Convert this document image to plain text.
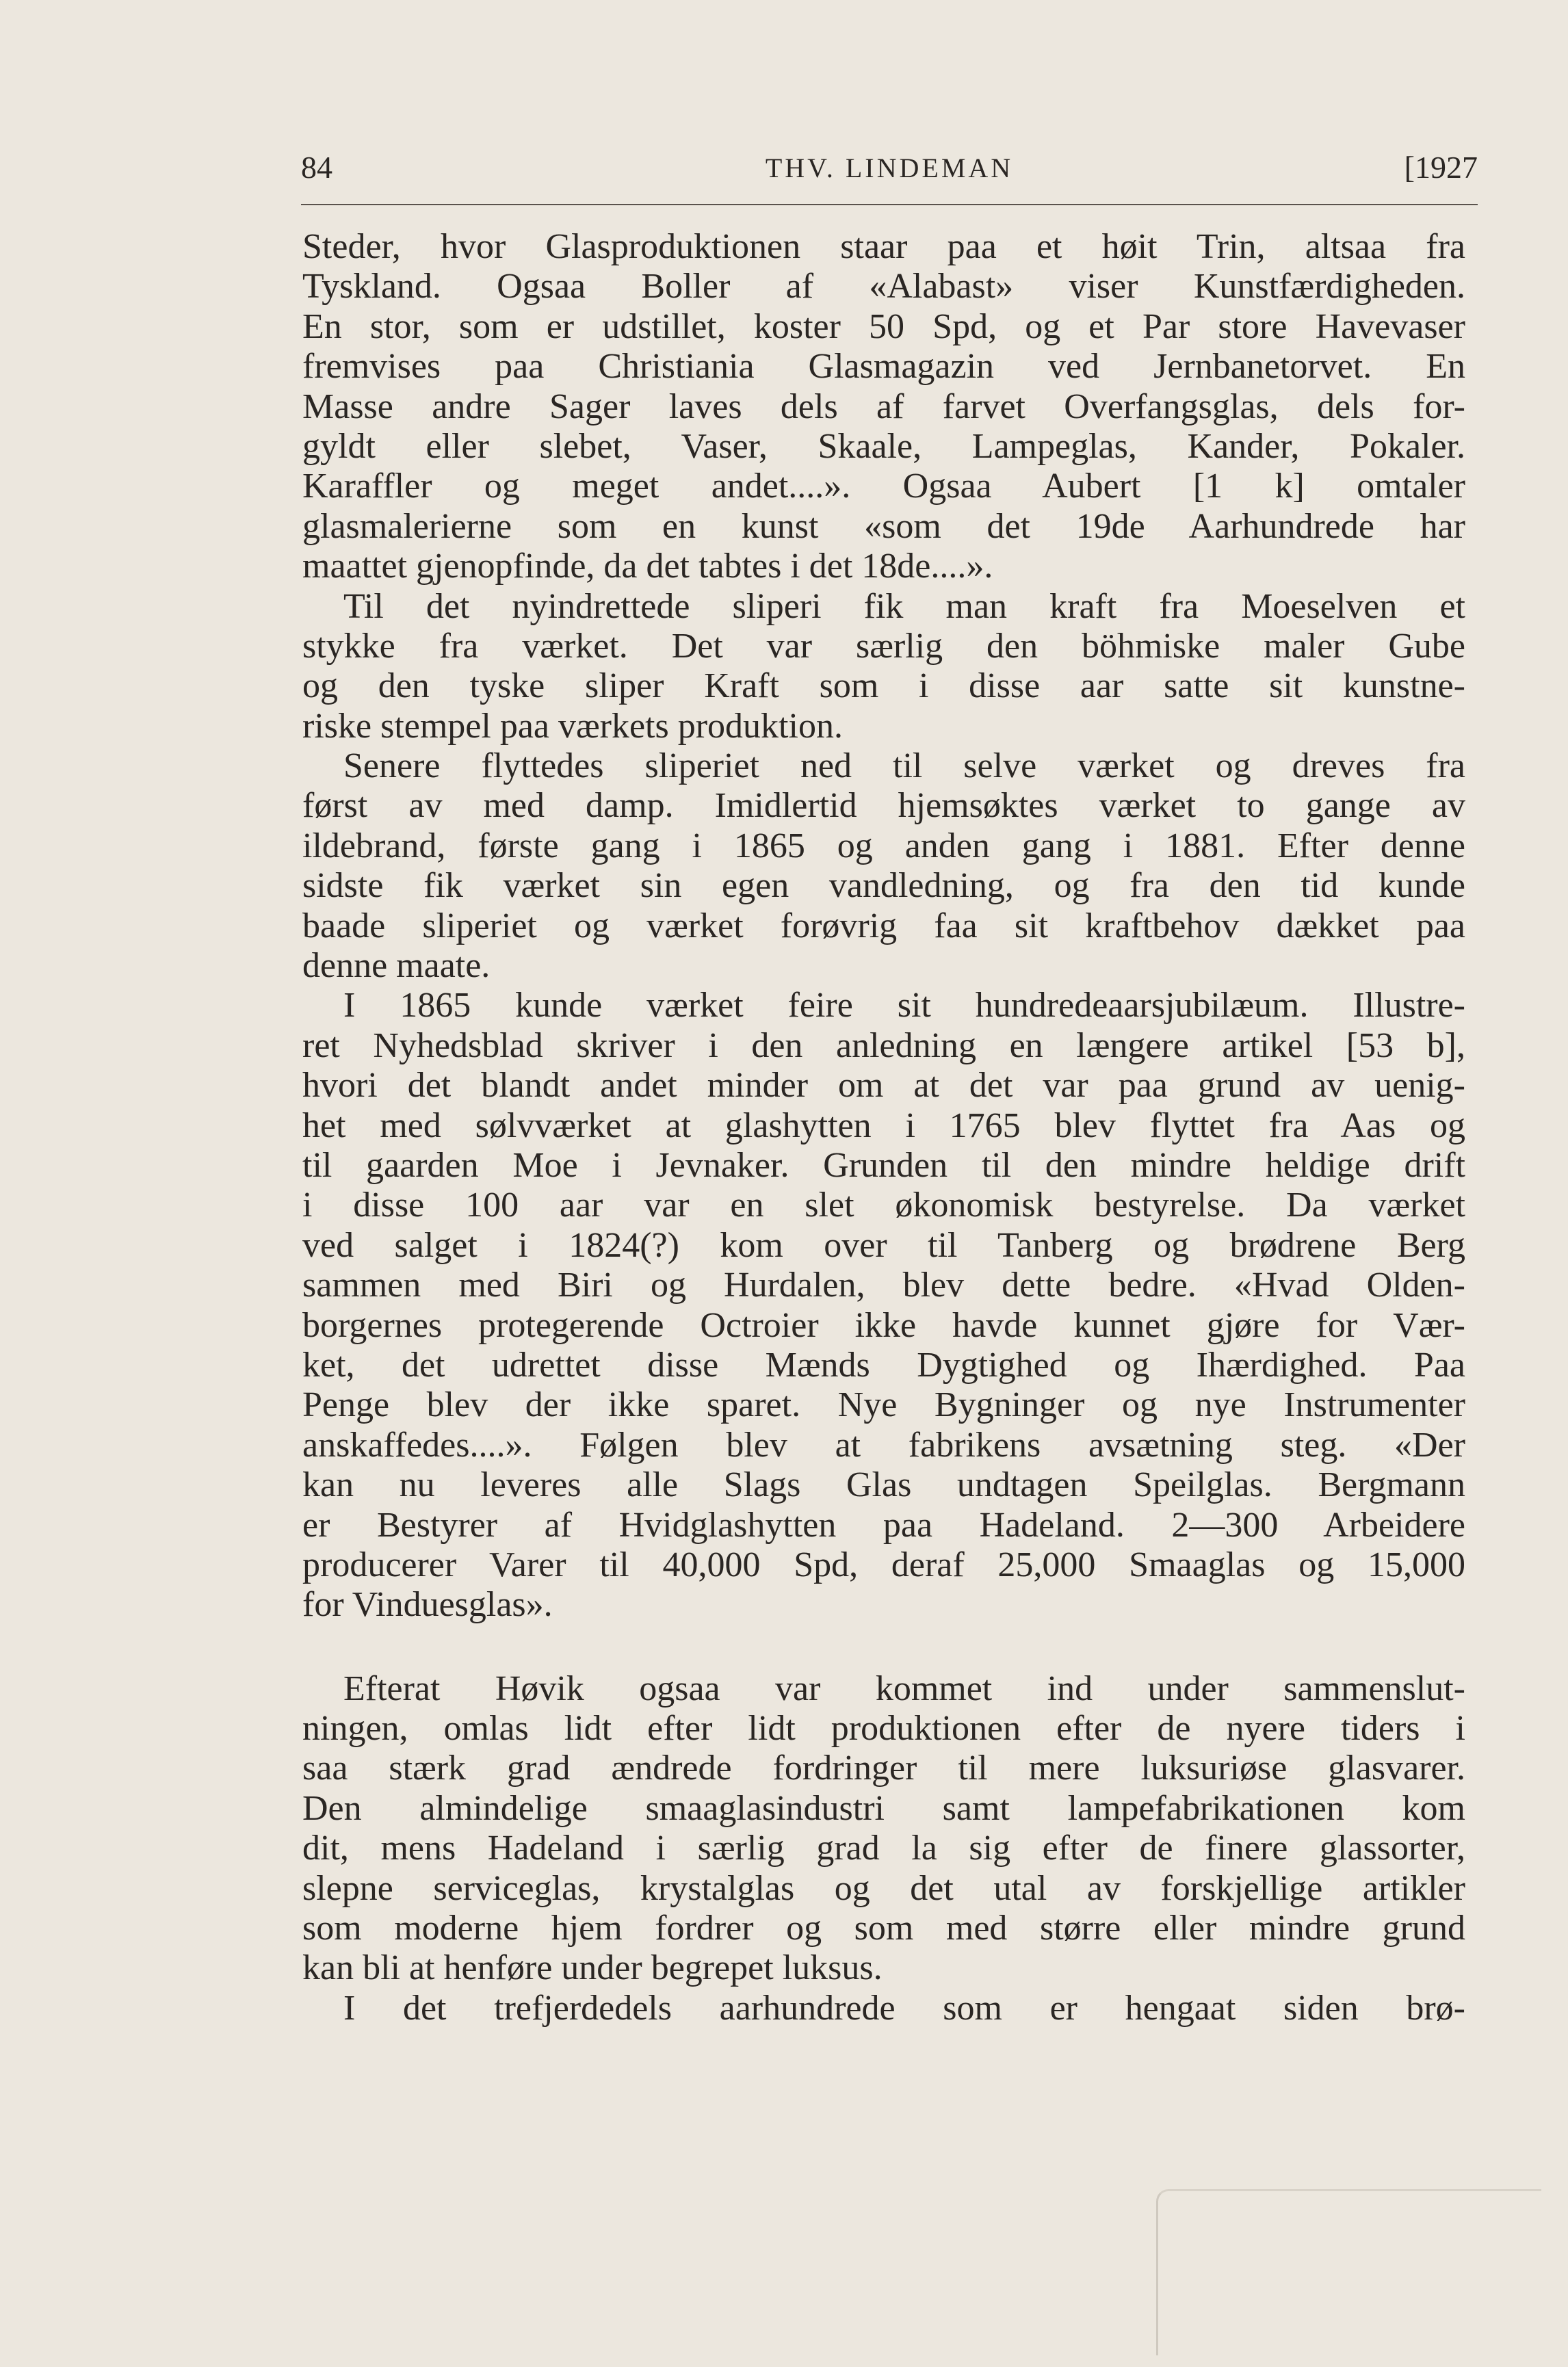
84	THV. LINDEMAN	[1927
Steder, hvor Glasproduktionen staar paa et høit Trin, altsaa fra
Tyskland. Ogsaa Boller af «Alabast» viser Kunstfærdigheden.
En stor, som er udstillet, koster 50 Spd, og et Par store Havevaser
fremvises paa Christiania Glasmagazin ved Jernbanetorvet. En
Masse andre Sager laves dels af farvet Overfangsglas, dels for-
gyldt eller slebet, Vaser, Skaale, Lampeglas, Kander, Pokaler.
Karaffler og meget andet....». Ogsaa Aubert [1 k] omtaler
glasmalerierne som en kunst «som det 19de Aarhundrede har
maattet gjenopfinde, da det tabtes i det 18de....».
Til det nyindrettede sliperi fik man kraft fra Moeselven et
stykke fra værket. Det var særlig den böhmiske maler Gube
og den tyske sliper Kraft som i disse aar satte sit kunstne-
riske stempel paa værkets produktion.
Senere flyttedes sliperiet ned til selve værket og dreves fra
først av med damp. Imidlertid hjemsøktes værket to gange av
ildebrand, første gang i 1865 og anden gang i 1881. Efter denne
sidste fik værket sin egen vandledning, og fra den tid kunde
baade sliperiet og værket forøvrig faa sit kraftbehov dækket paa
denne maate.
I 1865 kunde værket feire sit hundredeaarsjubilæum. Illustre-
ret Nyhedsblad skriver i den anledning en længere artikel [53 b],
hvori det blandt andet minder om at det var paa grund av uenig-
het med sølvværket at glashytten i 1765 blev flyttet fra Aas og
til gaarden Moe i Jevnaker. Grunden til den mindre heldige drift
i disse 100 aar var en slet økonomisk bestyrelse. Da værket
ved salget i 1824(?) kom over til Tanberg og brødrene Berg
sammen med Biri og Hurdalen, blev dette bedre. «Hvad Olden-
borgernes protegerende Octroier ikke havde kunnet gjøre for Vær-
ket, det udrettet disse Mænds Dygtighed og Ihærdighed. Paa
Penge blev der ikke sparet. Nye Bygninger og nye Instrumenter
anskaffedes....». Følgen blev at fabrikens avsætning steg. «Der
kan nu leveres alle Slags Glas undtagen Speilglas. Bergmann
er Bestyrer af Hvidglashytten paa Hadeland. 2—300 Arbeidere
producerer Varer til 40,000 Spd, deraf 25,000 Smaaglas og 15,000
for Vinduesglas».
Efterat Høvik ogsaa var kommet ind under sammenslut-
ningen, omlas lidt efter lidt produktionen efter de nyere tiders i
saa stærk grad ændrede fordringer til mere luksuriøse glasvarer.
Den almindelige smaaglasindustri samt lampefabrikationen kom
dit, mens Hadeland i særlig grad la sig efter de finere glassorter,
slepne serviceglas, krystalglas og det utal av forskjellige artikler
som moderne hjem fordrer og som med større eller mindre grund
kan bli at henføre under begrepet luksus.
I det trefjerdedels aarhundrede som er hengaat siden brø-
